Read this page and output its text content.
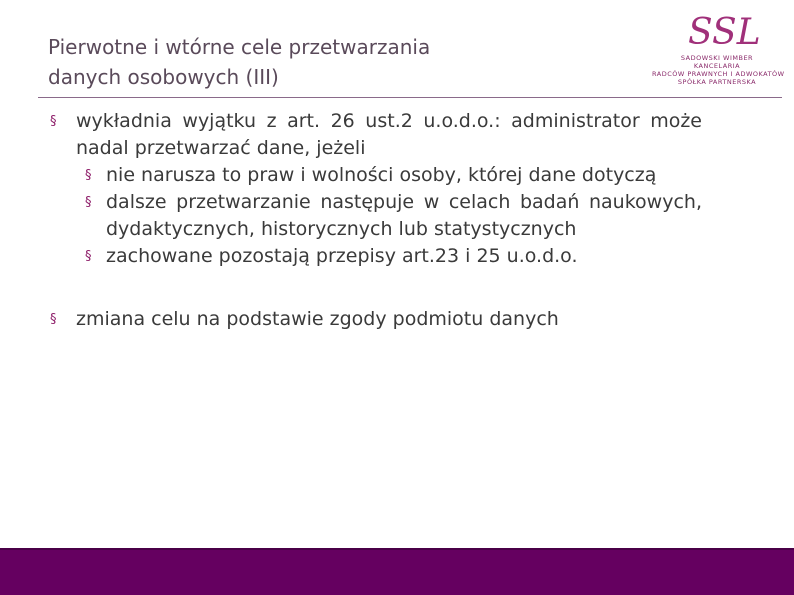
Pierwotne i wtórne cele przetwarzania
danych osobowych (III)
SSL
SADOWSKI WIMBER
KANCELARIA
RADCÓW PRAWNYCH I ADWOKATÓW
SPÓŁKA PARTNERSKA
§ wykładnia wyjątku z art. 26 ust.2 u.o.d.o.: administrator może nadal przetwarzać dane, jeżeli
§ nie narusza to praw i wolności osoby, której dane dotyczą
§ dalsze przetwarzanie następuje w celach badań naukowych, dydaktycznych, historycznych lub statystycznych
§ zachowane pozostają przepisy art.23 i 25 u.o.d.o.
§ zmiana celu na podstawie zgody podmiotu danych
